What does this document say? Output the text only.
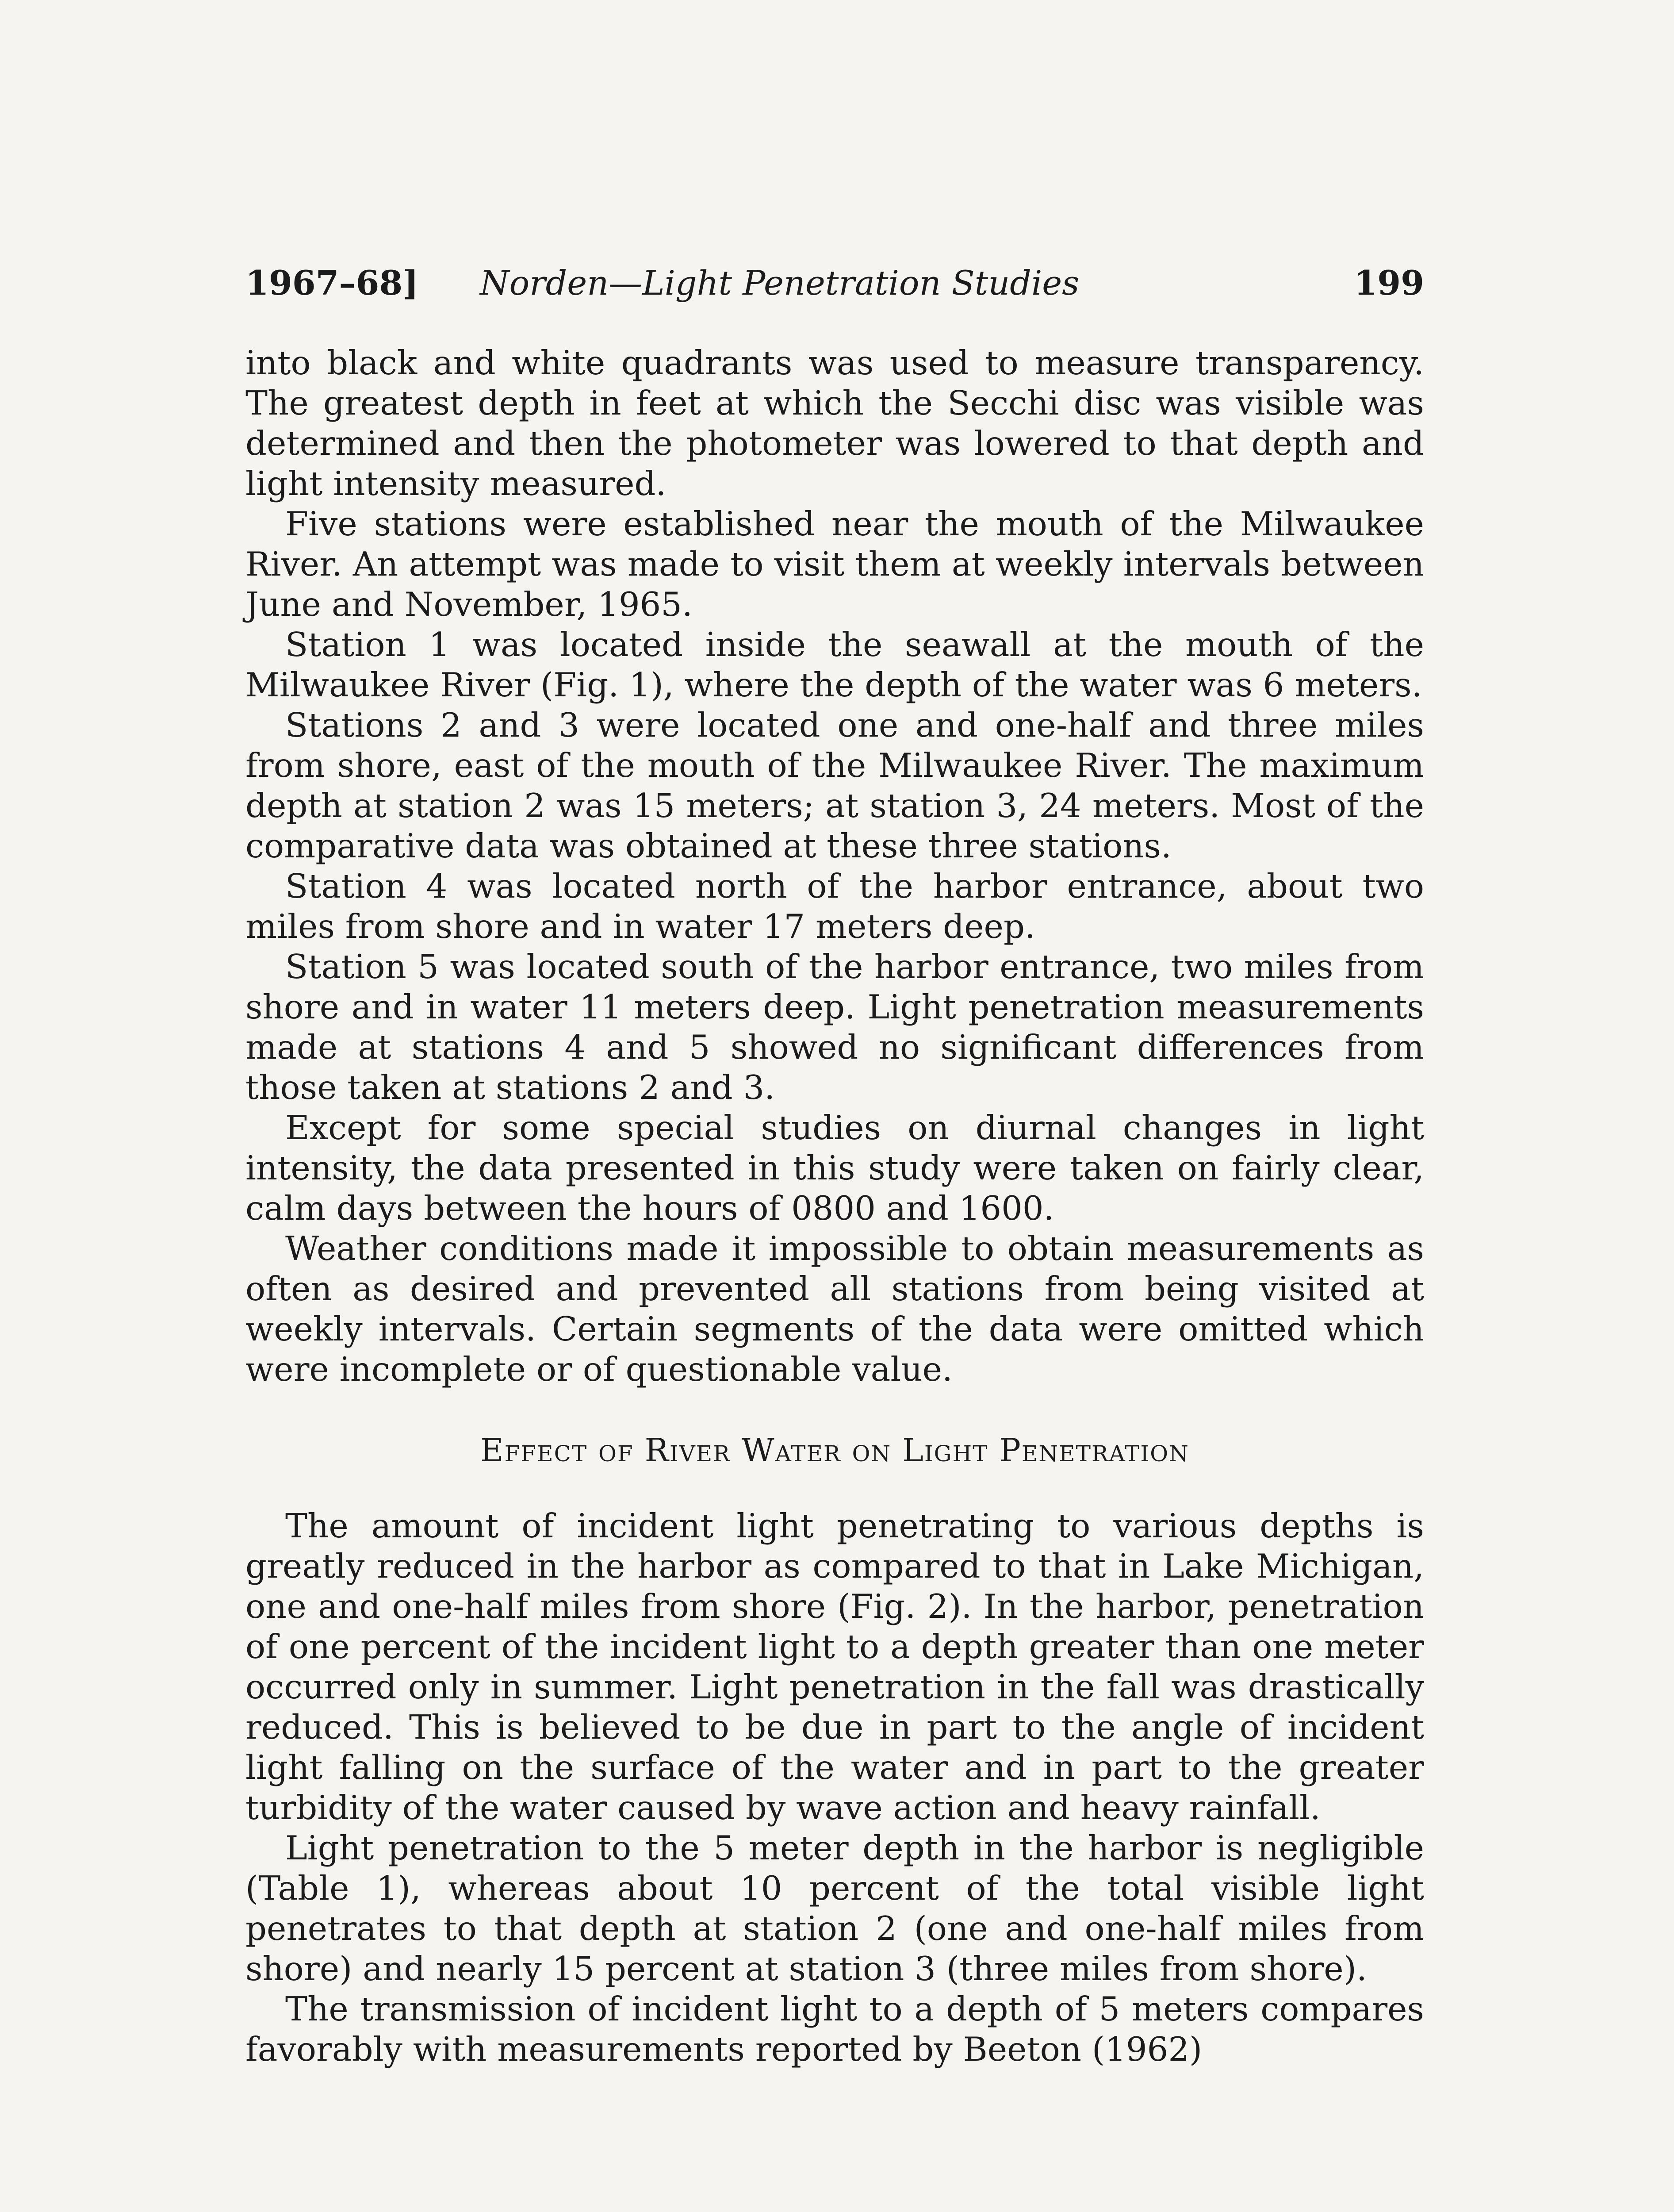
1967–68] Norden—Light Penetration Studies	199

into black and white quadrants was used to measure transparency. The greatest depth in feet at which the Secchi disc was visible was determined and then the photometer was lowered to that depth and light intensity measured.

Five stations were established near the mouth of the Milwaukee River. An attempt was made to visit them at weekly intervals between June and November, 1965.

Station 1 was located inside the seawall at the mouth of the Milwaukee River (Fig. 1), where the depth of the water was 6 meters.

Stations 2 and 3 were located one and one-half and three miles from shore, east of the mouth of the Milwaukee River. The maximum depth at station 2 was 15 meters; at station 3, 24 meters. Most of the comparative data was obtained at these three stations.

Station 4 was located north of the harbor entrance, about two miles from shore and in water 17 meters deep.

Station 5 was located south of the harbor entrance, two miles from shore and in water 11 meters deep. Light penetration measurements made at stations 4 and 5 showed no significant differences from those taken at stations 2 and 3.

Except for some special studies on diurnal changes in light intensity, the data presented in this study were taken on fairly clear, calm days between the hours of 0800 and 1600.

Weather conditions made it impossible to obtain measurements as often as desired and prevented all stations from being visited at weekly intervals. Certain segments of the data were omitted which were incomplete or of questionable value.

Effect of River Water on Light Penetration

The amount of incident light penetrating to various depths is greatly reduced in the harbor as compared to that in Lake Michigan, one and one-half miles from shore (Fig. 2). In the harbor, penetration of one percent of the incident light to a depth greater than one meter occurred only in summer. Light penetration in the fall was drastically reduced. This is believed to be due in part to the angle of incident light falling on the surface of the water and in part to the greater turbidity of the water caused by wave action and heavy rainfall.

Light penetration to the 5 meter depth in the harbor is negligible (Table 1), whereas about 10 percent of the total visible light penetrates to that depth at station 2 (one and one-half miles from shore) and nearly 15 percent at station 3 (three miles from shore).

The transmission of incident light to a depth of 5 meters compares favorably with measurements reported by Beeton (1962)
